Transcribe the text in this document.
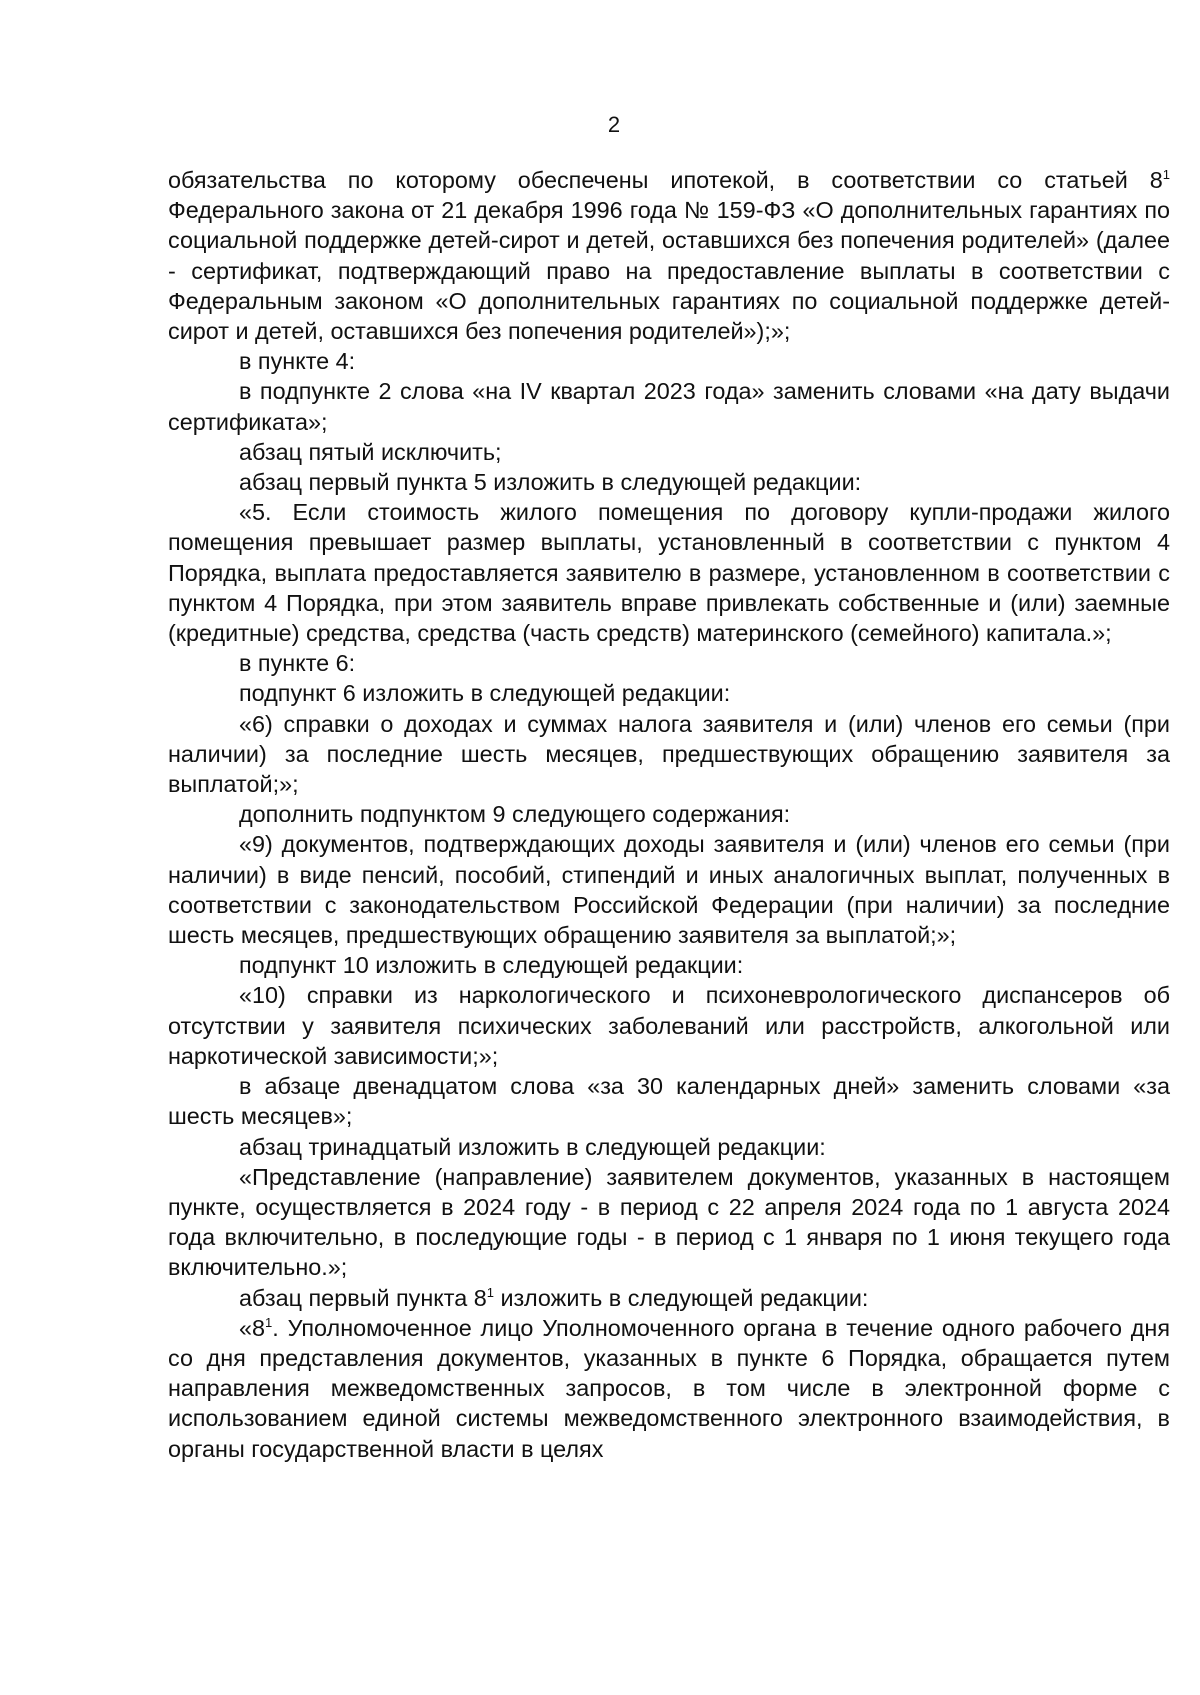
2

обязательства по которому обеспечены ипотекой, в соответствии со статьей $8^1$ Федерального закона от 21 декабря 1996 года № 159-ФЗ «О дополнительных гарантиях по социальной поддержке детей-сирот и детей, оставшихся без попечения родителей» (далее - сертификат, подтверждающий право на предоставление выплаты в соответствии с Федеральным законом «О дополнительных гарантиях по социальной поддержке детей-сирот и детей, оставшихся без попечения родителей»);»;

в пункте 4:

в подпункте 2 слова «на IV квартал 2023 года» заменить словами «на дату выдачи сертификата»;

абзац пятый исключить;

абзац первый пункта 5 изложить в следующей редакции:

«5. Если стоимость жилого помещения по договору купли-продажи жилого помещения превышает размер выплаты, установленный в соответствии с пунктом 4 Порядка, выплата предоставляется заявителю в размере, установленном в соответствии с пунктом 4 Порядка, при этом заявитель вправе привлекать собственные и (или) заемные (кредитные) средства, средства (часть средств) материнского (семейного) капитала.»;

в пункте 6:

подпункт 6 изложить в следующей редакции:

«6) справки о доходах и суммах налога заявителя и (или) членов его семьи (при наличии) за последние шесть месяцев, предшествующих обращению заявителя за выплатой;»;

дополнить подпунктом 9 следующего содержания:

«9) документов, подтверждающих доходы заявителя и (или) членов его семьи (при наличии) в виде пенсий, пособий, стипендий и иных аналогичных выплат, полученных в соответствии с законодательством Российской Федерации (при наличии) за последние шесть месяцев, предшествующих обращению заявителя за выплатой;»;

подпункт 10 изложить в следующей редакции:

«10) справки из наркологического и психоневрологического диспансеров об отсутствии у заявителя психических заболеваний или расстройств, алкогольной или наркотической зависимости;»;

в абзаце двенадцатом слова «за 30 календарных дней» заменить словами «за шесть месяцев»;

абзац тринадцатый изложить в следующей редакции:

«Представление (направление) заявителем документов, указанных в настоящем пункте, осуществляется в 2024 году - в период с 22 апреля 2024 года по 1 августа 2024 года включительно, в последующие годы - в период с 1 января по 1 июня текущего года включительно.»;

абзац первый пункта $8^1$ изложить в следующей редакции:

«$8^1$. Уполномоченное лицо Уполномоченного органа в течение одного рабочего дня со дня представления документов, указанных в пункте 6 Порядка, обращается путем направления межведомственных запросов, в том числе в электронной форме с использованием единой системы межведомственного электронного взаимодействия, в органы государственной власти в целях
